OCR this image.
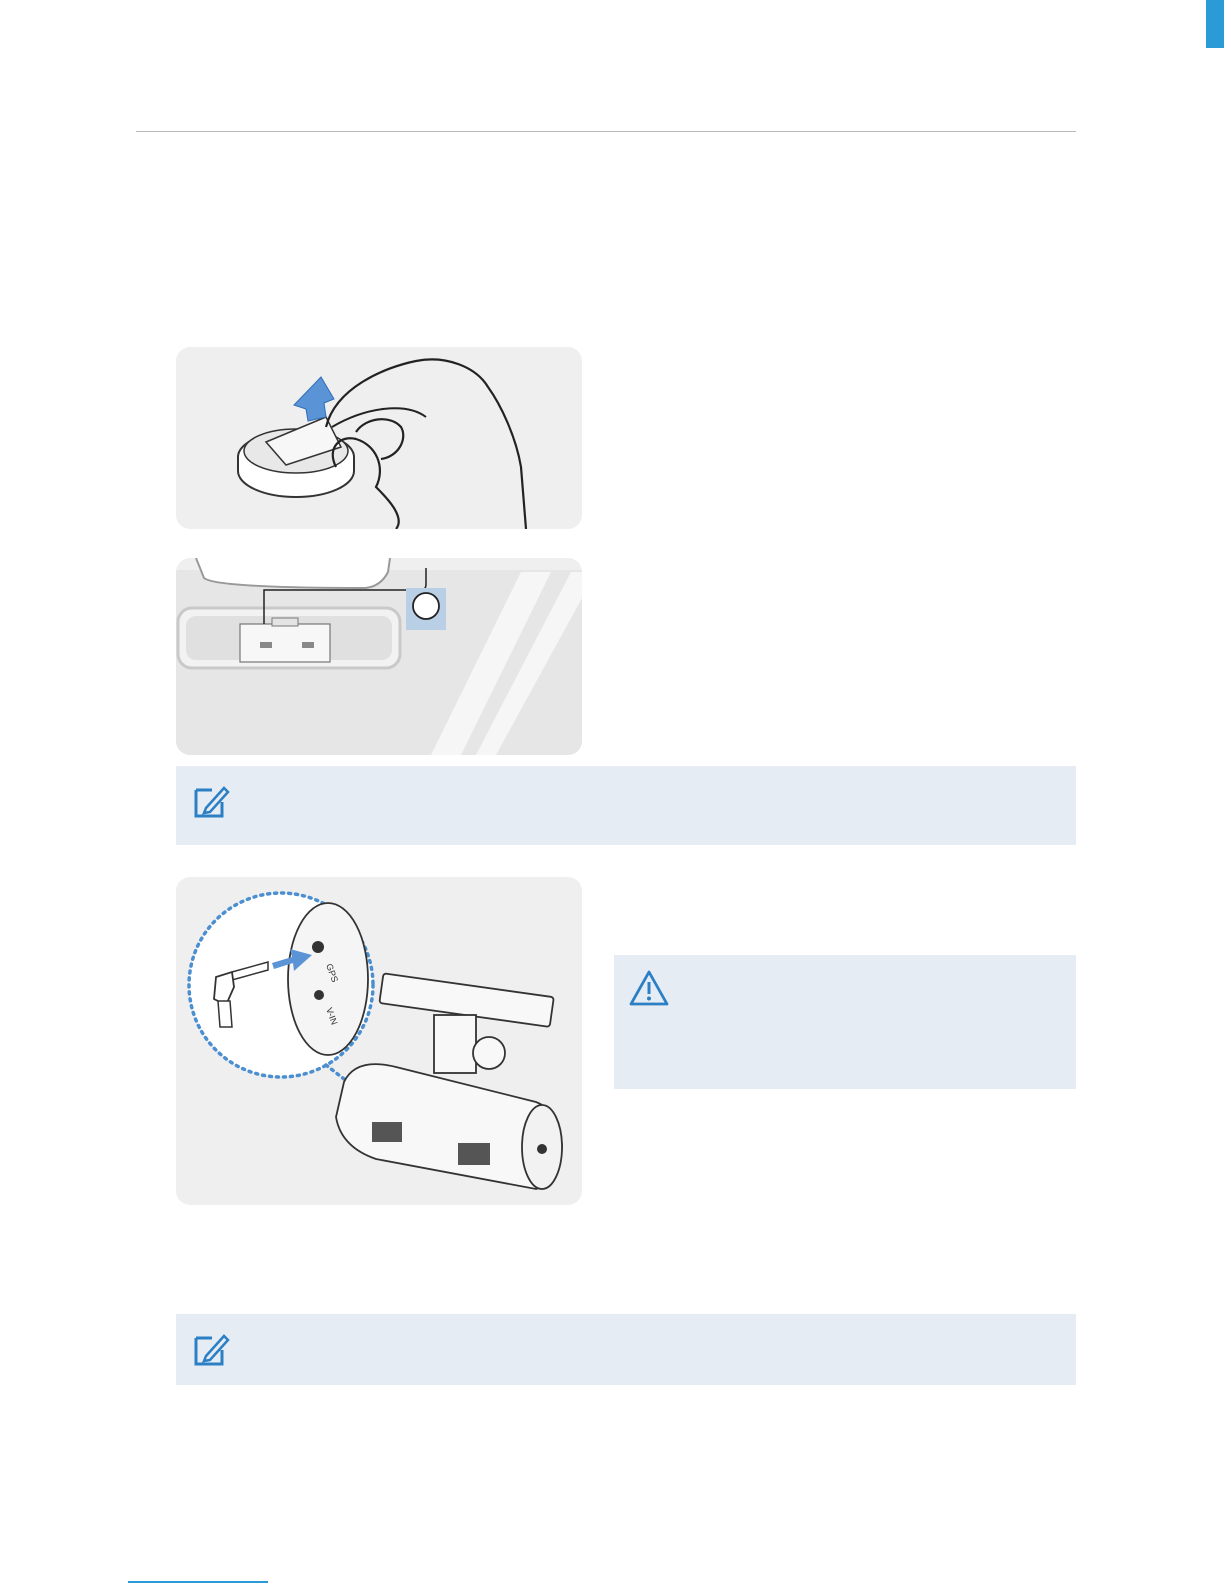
GPS
V-IN
